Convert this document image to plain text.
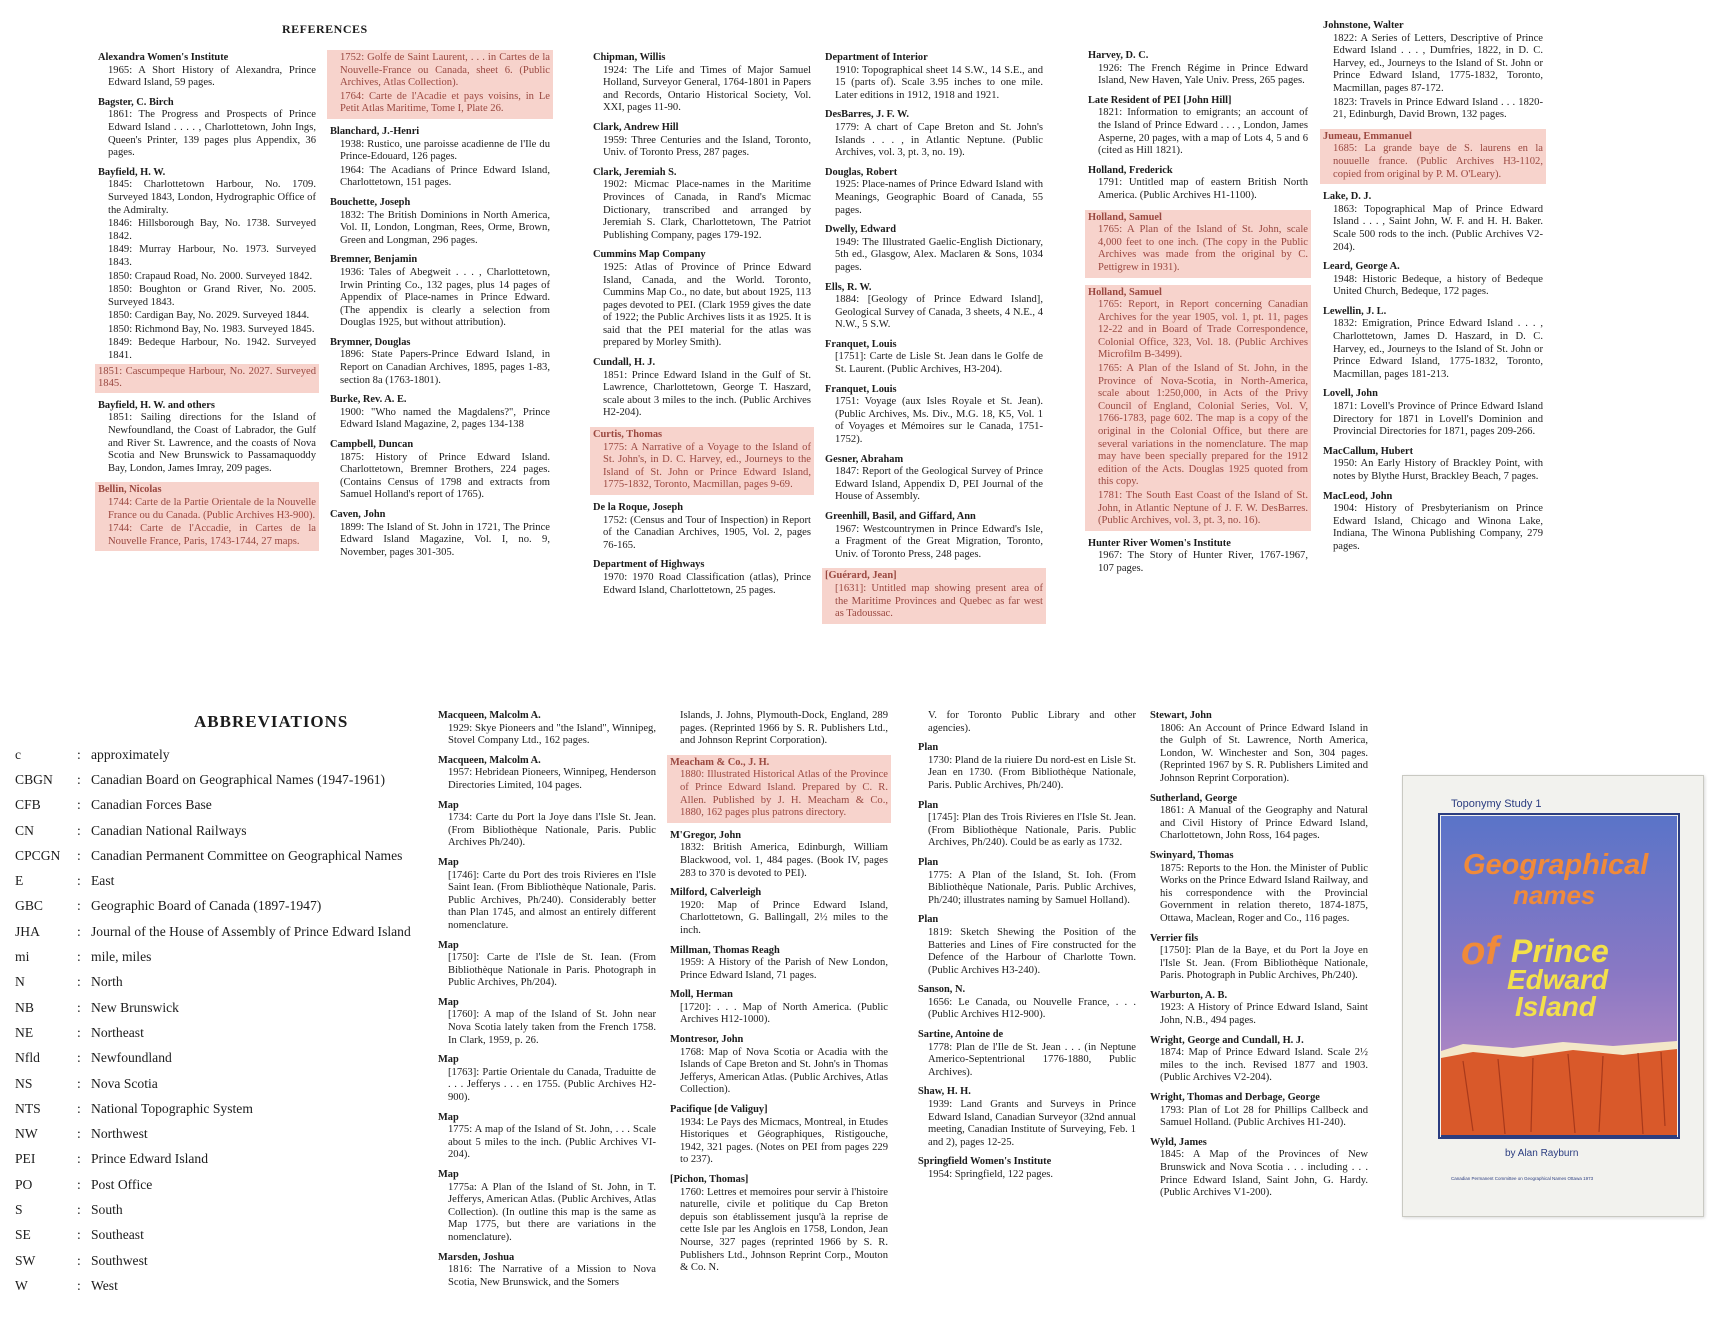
REFERENCES
Alexandra Women's Institute
1965: A Short History of Alexandra, Prince Edward Island, 59 pages.
Bagster, C. Birch
1861: The Progress and Prospects of Prince Edward Island . . . . , Charlottetown, John Ings, Queen's Printer, 139 pages plus Appendix, 36 pages.
Bayfield, H. W.
1845: Charlottetown Harbour, No. 1709. Surveyed 1843, London, Hydrographic Office of the Admiralty.
1846: Hillsborough Bay, No. 1738. Surveyed 1842.
1849: Murray Harbour, No. 1973. Surveyed 1843.
1850: Crapaud Road, No. 2000. Surveyed 1842.
1850: Boughton or Grand River, No. 2005. Surveyed 1843.
1850: Cardigan Bay, No. 2029. Surveyed 1844.
1850: Richmond Bay, No. 1983. Surveyed 1845.
1849: Bedeque Harbour, No. 1942. Surveyed 1841.
1851: Cascumpeque Harbour, No. 2027. Surveyed 1845.
Bayfield, H. W. and others
1851: Sailing directions for the Island of Newfoundland, the Coast of Labrador, the Gulf and River St. Lawrence, and the coasts of Nova Scotia and New Brunswick to Passamaquoddy Bay, London, James Imray, 209 pages.
Bellin, Nicolas
1744: Carte de la Partie Orientale de la Nouvelle France ou du Canada. (Public Archives H3-900).
1744: Carte de l'Accadie, in Cartes de la Nouvelle France, Paris, 1743-1744, 27 maps.
1752: Golfe de Saint Laurent, . . . in Cartes de la Nouvelle-France ou Canada, sheet 6. (Public Archives, Atlas Collection).
1764: Carte de l'Acadie et pays voisins, in Le Petit Atlas Maritime, Tome I, Plate 26.
Blanchard, J.-Henri
1938: Rustico, une paroisse acadienne de l'Ile du Prince-Edouard, 126 pages.
1964: The Acadians of Prince Edward Island, Charlottetown, 151 pages.
Bouchette, Joseph
1832: The British Dominions in North America, Vol. II, London, Longman, Rees, Orme, Brown, Green and Longman, 296 pages.
Bremner, Benjamin
1936: Tales of Abegweit . . . , Charlottetown, Irwin Printing Co., 132 pages, plus 14 pages of Appendix of Place-names in Prince Edward. (The appendix is clearly a selection from Douglas 1925, but without attribution).
Brymner, Douglas
1896: State Papers-Prince Edward Island, in Report on Canadian Archives, 1895, pages 1-83, section 8a (1763-1801).
Burke, Rev. A. E.
1900: "Who named the Magdalens?", Prince Edward Island Magazine, 2, pages 134-138
Campbell, Duncan
1875: History of Prince Edward Island. Charlottetown, Bremner Brothers, 224 pages. (Contains Census of 1798 and extracts from Samuel Holland's report of 1765).
Caven, John
1899: The Island of St. John in 1721, The Prince Edward Island Magazine, Vol. I, no. 9, November, pages 301-305.
Chipman, Willis
1924: The Life and Times of Major Samuel Holland, Surveyor General, 1764-1801 in Papers and Records, Ontario Historical Society, Vol. XXI, pages 11-90.
Clark, Andrew Hill
1959: Three Centuries and the Island, Toronto, Univ. of Toronto Press, 287 pages.
Clark, Jeremiah S.
1902: Micmac Place-names in the Maritime Provinces of Canada, in Rand's Micmac Dictionary, transcribed and arranged by Jeremiah S. Clark, Charlottetown, The Patriot Publishing Company, pages 179-192.
Cummins Map Company
1925: Atlas of Province of Prince Edward Island, Canada, and the World. Toronto, Cummins Map Co., no date, but about 1925, 113 pages devoted to PEI. (Clark 1959 gives the date of 1922; the Public Archives lists it as 1925. It is said that the PEI material for the atlas was prepared by Morley Smith).
Cundall, H. J.
1851: Prince Edward Island in the Gulf of St. Lawrence, Charlottetown, George T. Haszard, scale about 3 miles to the inch. (Public Archives H2-204).
Curtis, Thomas
1775: A Narrative of a Voyage to the Island of St. John's, in D. C. Harvey, ed., Journeys to the Island of St. John or Prince Edward Island, 1775-1832, Toronto, Macmillan, pages 9-69.
De la Roque, Joseph
1752: (Census and Tour of Inspection) in Report of the Canadian Archives, 1905, Vol. 2, pages 76-165.
Department of Highways
1970: 1970 Road Classification (atlas), Prince Edward Island, Charlottetown, 25 pages.
Department of Interior
1910: Topographical sheet 14 S.W., 14 S.E., and 15 (parts of). Scale 3.95 inches to one mile. Later editions in 1912, 1918 and 1921.
DesBarres, J. F. W.
1779: A chart of Cape Breton and St. John's Islands . . . , in Atlantic Neptune. (Public Archives, vol. 3, pt. 3, no. 19).
Douglas, Robert
1925: Place-names of Prince Edward Island with Meanings, Geographic Board of Canada, 55 pages.
Dwelly, Edward
1949: The Illustrated Gaelic-English Dictionary, 5th ed., Glasgow, Alex. Maclaren & Sons, 1034 pages.
Ells, R. W.
1884: [Geology of Prince Edward Island], Geological Survey of Canada, 3 sheets, 4 N.E., 4 N.W., 5 S.W.
Franquet, Louis
[1751]: Carte de Lisle St. Jean dans le Golfe de St. Laurent. (Public Archives, H3-204).
Franquet, Louis
1751: Voyage (aux Isles Royale et St. Jean). (Public Archives, Ms. Div., M.G. 18, K5, Vol. 1 of Voyages et Mémoires sur le Canada, 1751-1752).
Gesner, Abraham
1847: Report of the Geological Survey of Prince Edward Island, Appendix D, PEI Journal of the House of Assembly.
Greenhill, Basil, and Giffard, Ann
1967: Westcountrymen in Prince Edward's Isle, a Fragment of the Great Migration, Toronto, Univ. of Toronto Press, 248 pages.
[Guérard, Jean]
[1631]: Untitled map showing present area of the Maritime Provinces and Quebec as far west as Tadoussac.
Harvey, D. C.
1926: The French Régime in Prince Edward Island, New Haven, Yale Univ. Press, 265 pages.
Late Resident of PEI [John Hill]
1821: Information to emigrants; an account of the Island of Prince Edward . . . , London, James Asperne, 20 pages, with a map of Lots 4, 5 and 6 (cited as Hill 1821).
Holland, Frederick
1791: Untitled map of eastern British North America. (Public Archives H1-1100).
Holland, Samuel
1765: A Plan of the Island of St. John, scale 4,000 feet to one inch. (The copy in the Public Archives was made from the original by C. Pettigrew in 1931).
Holland, Samuel
1765: Report, in Report concerning Canadian Archives for the year 1905, vol. 1, pt. 11, pages 12-22 and in Board of Trade Correspondence, Colonial Office, 323, Vol. 18. (Public Archives Microfilm B-3499).
1765: A Plan of the Island of St. John, in the Province of Nova-Scotia, in North-America, scale about 1:250,000, in Acts of the Privy Council of England, Colonial Series, Vol. V, 1766-1783, page 602. The map is a copy of the original in the Colonial Office, but there are several variations in the nomenclature. The map may have been specially prepared for the 1912 edition of the Acts. Douglas 1925 quoted from this copy.
1781: The South East Coast of the Island of St. John, in Atlantic Neptune of J. F. W. DesBarres. (Public Archives, vol. 3, pt. 3, no. 16).
Hunter River Women's Institute
1967: The Story of Hunter River, 1767-1967, 107 pages.
Johnstone, Walter
1822: A Series of Letters, Descriptive of Prince Edward Island . . . , Dumfries, 1822, in D. C. Harvey, ed., Journeys to the Island of St. John or Prince Edward Island, 1775-1832, Toronto, Macmillan, pages 87-172.
1823: Travels in Prince Edward Island . . . 1820-21, Edinburgh, David Brown, 132 pages.
Jumeau, Emmanuel
1685: La grande baye de S. laurens en la nouuelle france. (Public Archives H3-1102, copied from original by P. M. O'Leary).
Lake, D. J.
1863: Topographical Map of Prince Edward Island . . . , Saint John, W. F. and H. H. Baker. Scale 500 rods to the inch. (Public Archives V2-204).
Leard, George A.
1948: Historic Bedeque, a history of Bedeque United Church, Bedeque, 172 pages.
Lewellin, J. L.
1832: Emigration, Prince Edward Island . . . , Charlottetown, James D. Haszard, in D. C. Harvey, ed., Journeys to the Island of St. John or Prince Edward Island, 1775-1832, Toronto, Macmillan, pages 181-213.
Lovell, John
1871: Lovell's Province of Prince Edward Island Directory for 1871 in Lovell's Dominion and Provincial Directories for 1871, pages 209-266.
MacCallum, Hubert
1950: An Early History of Brackley Point, with notes by Blythe Hurst, Brackley Beach, 7 pages.
MacLeod, John
1904: History of Presbyterianism on Prince Edward Island, Chicago and Winona Lake, Indiana, The Winona Publishing Company, 279 pages.
Macqueen, Malcolm A.
1929: Skye Pioneers and "the Island", Winnipeg, Stovel Company Ltd., 162 pages.
Macqueen, Malcolm A.
1957: Hebridean Pioneers, Winnipeg, Henderson Directories Limited, 104 pages.
Map
1734: Carte du Port la Joye dans l'Isle St. Jean. (From Bibliothèque Nationale, Paris. Public Archives Ph/240).
Map
[1746]: Carte du Port des trois Rivieres en l'Isle Saint Iean. (From Bibliothèque Nationale, Paris. Public Archives, Ph/240). Considerably better than Plan 1745, and almost an entirely different nomenclature.
Map
[1750]: Carte de l'Isle de St. Iean. (From Bibliothèque Nationale in Paris. Photograph in Public Archives, Ph/204).
Map
[1760]: A map of the Island of St. John near Nova Scotia lately taken from the French 1758. In Clark, 1959, p. 26.
Map
[1763]: Partie Orientale du Canada, Traduitte de . . . Jefferys . . . en 1755. (Public Archives H2-900).
Map
1775: A map of the Island of St. John, . . . Scale about 5 miles to the inch. (Public Archives VI-204).
Map
1775a: A Plan of the Island of St. John, in T. Jefferys, American Atlas. (Public Archives, Atlas Collection). (In outline this map is the same as Map 1775, but there are variations in the nomenclature).
Marsden, Joshua
1816: The Narrative of a Mission to Nova Scotia, New Brunswick, and the Somers
Islands, J. Johns, Plymouth-Dock, England, 289 pages. (Reprinted 1966 by S. R. Publishers Ltd., and Johnson Reprint Corporation).
Meacham & Co., J. H.
1880: Illustrated Historical Atlas of the Province of Prince Edward Island. Prepared by C. R. Allen. Published by J. H. Meacham & Co., 1880, 162 pages plus patrons directory.
M'Gregor, John
1832: British America, Edinburgh, William Blackwood, vol. 1, 484 pages. (Book IV, pages 283 to 370 is devoted to PEI).
Milford, Calverleigh
1920: Map of Prince Edward Island, Charlottetown, G. Ballingall, 2½ miles to the inch.
Millman, Thomas Reagh
1959: A History of the Parish of New London, Prince Edward Island, 71 pages.
Moll, Herman
[1720]: . . . Map of North America. (Public Archives H12-1000).
Montresor, John
1768: Map of Nova Scotia or Acadia with the Islands of Cape Breton and St. John's in Thomas Jefferys, American Atlas. (Public Archives, Atlas Collection).
Pacifique [de Valiguy]
1934: Le Pays des Micmacs, Montreal, in Etudes Historiques et Géographiques, Ristigouche, 1942, 321 pages. (Notes on PEI from pages 229 to 237).
[Pichon, Thomas]
1760: Lettres et memoires pour servir à l'histoire naturelle, civile et politique du Cap Breton depuis son établissement jusqu'à la reprise de cette Isle par les Anglois en 1758, London, Jean Nourse, 327 pages (reprinted 1966 by S. R. Publishers Ltd., Johnson Reprint Corp., Mouton & Co. N.
V. for Toronto Public Library and other agencies).
Plan
1730: Pland de la riuiere Du nord-est en Lisle St. Jean en 1730. (From Bibliothèque Nationale, Paris. Public Archives, Ph/240).
Plan
[1745]: Plan des Trois Rivieres en l'Isle St. Jean. (From Bibliothèque Nationale, Paris. Public Archives, Ph/240). Could be as early as 1732.
Plan
1775: A Plan of the Island, St. Ioh. (From Bibliothèque Nationale, Paris. Public Archives, Ph/240; illustrates naming by Samuel Holland).
Plan
1819: Sketch Shewing the Position of the Batteries and Lines of Fire constructed for the Defence of the Harbour of Charlotte Town. (Public Archives H3-240).
Sanson, N.
1656: Le Canada, ou Nouvelle France, . . . (Public Archives H12-900).
Sartine, Antoine de
1778: Plan de l'Ile de St. Jean . . . (in Neptune Americo-Septentrional 1776-1880, Public Archives).
Shaw, H. H.
1939: Land Grants and Surveys in Prince Edward Island, Canadian Surveyor (32nd annual meeting, Canadian Institute of Surveying, Feb. 1 and 2), pages 12-25.
Springfield Women's Institute
1954: Springfield, 122 pages.
Stewart, John
1806: An Account of Prince Edward Island in the Gulph of St. Lawrence, North America, London, W. Winchester and Son, 304 pages. (Reprinted 1967 by S. R. Publishers Limited and Johnson Reprint Corporation).
Sutherland, George
1861: A Manual of the Geography and Natural and Civil History of Prince Edward Island, Charlottetown, John Ross, 164 pages.
Swinyard, Thomas
1875: Reports to the Hon. the Minister of Public Works on the Prince Edward Island Railway, and his correspondence with the Provincial Government in relation thereto, 1874-1875, Ottawa, Maclean, Roger and Co., 116 pages.
Verrier fils
[1750]: Plan de la Baye, et du Port la Joye en l'Isle St. Jean. (From Bibliothèque Nationale, Paris. Photograph in Public Archives, Ph/240).
Warburton, A. B.
1923: A History of Prince Edward Island, Saint John, N.B., 494 pages.
Wright, George and Cundall, H. J.
1874: Map of Prince Edward Island. Scale 2½ miles to the inch. Revised 1877 and 1903. (Public Archives V2-204).
Wright, Thomas and Derbage, George
1793: Plan of Lot 28 for Phillips Callbeck and Samuel Holland. (Public Archives H1-240).
Wyld, James
1845: A Map of the Provinces of New Brunswick and Nova Scotia . . . including . . . Prince Edward Island, Saint John, G. Hardy. (Public Archives V1-200).
ABBREVIATIONS
c	: approximately
CBGN	: Canadian Board on Geographical Names (1947-1961)
CFB	: Canadian Forces Base
CN	: Canadian National Railways
CPCGN	: Canadian Permanent Committee on Geographical Names
E	: East
GBC	: Geographic Board of Canada (1897-1947)
JHA	: Journal of the House of Assembly of Prince Edward Island
mi	: mile, miles
N	: North
NB	: New Brunswick
NE	: Northeast
Nfld	: Newfoundland
NS	: Nova Scotia
NTS	: National Topographic System
NW	: Northwest
PEI	: Prince Edward Island
PO	: Post Office
S	: South
SE	: Southeast
SW	: Southwest
W	: West
Geographical
names
of Prince
Edward
Island
Toponymy Study 1
by Alan Rayburn
Canadian Permanent Committee on Geographical Names Ottawa 1973
